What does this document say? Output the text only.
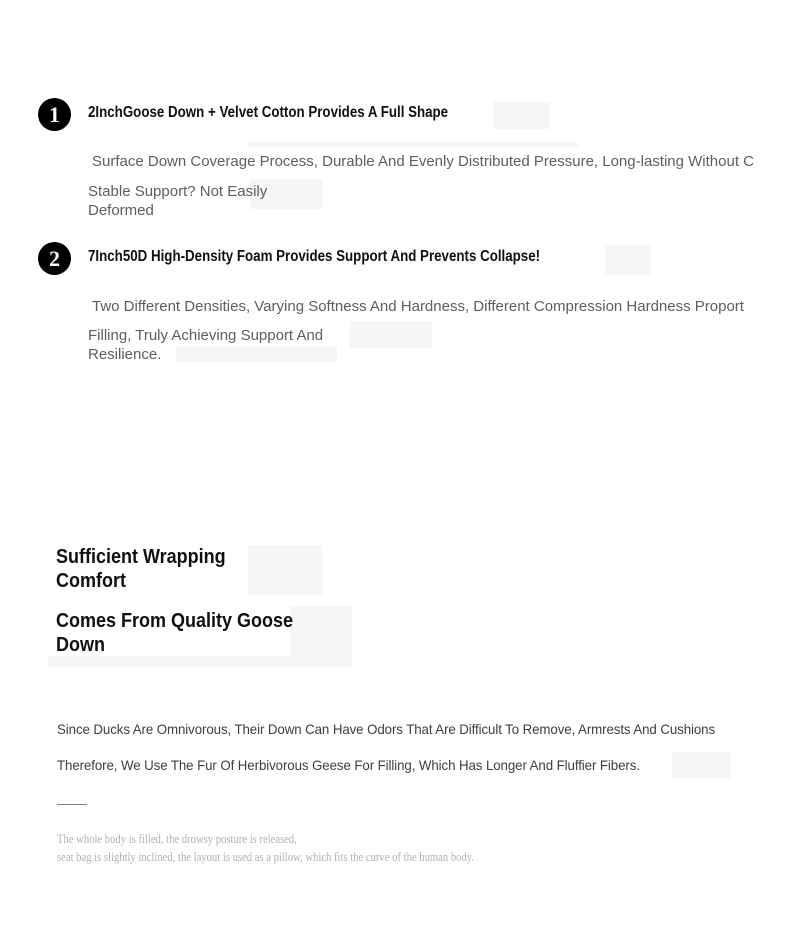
1 2InchGoose Down + Velvet Cotton Provides A Full Shape
Surface Down Coverage Process, Durable And Evenly Distributed Pressure, Long-lasting Without C
Stable Support? Not Easily Deformed
2 7Inch50D High-Density Foam Provides Support And Prevents Collapse!
Two Different Densities, Varying Softness And Hardness, Different Compression Hardness Proport
Filling, Truly Achieving Support And Resilience.
Sufficient Wrapping Comfort
Comes From Quality Goose Down
Since Ducks Are Omnivorous, Their Down Can Have Odors That Are Difficult To Remove, Armrests And Cushions
Therefore, We Use The Fur Of Herbivorous Geese For Filling, Which Has Longer And Fluffier Fibers.
The whole body is filled, the drowsy posture is released,
seat bag is slightly inclined, the layout is used as a pillow, which fits the curve of the human body.
